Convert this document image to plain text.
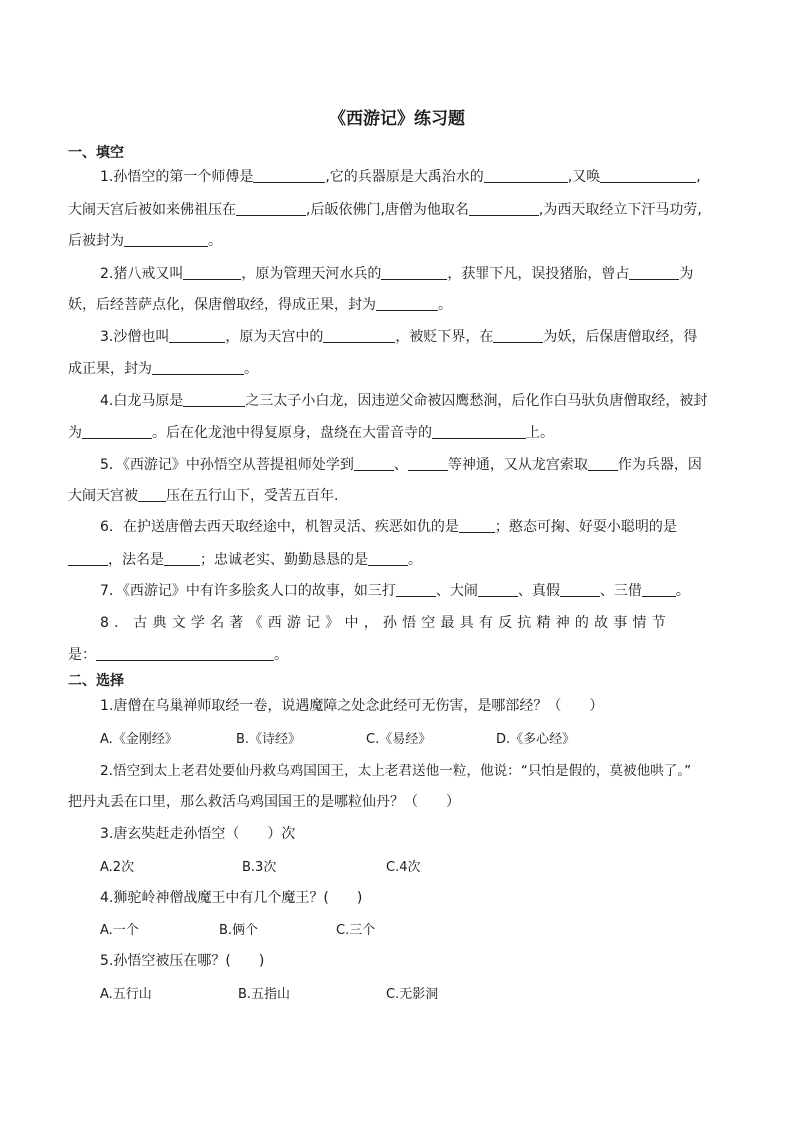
《西游记》练习题
一、填空
1.孙悟空的第一个师傅是	,它的兵器原是大禹治水的	,又唤	,
大闹天宫后被如来佛祖压在	,后皈依佛门,唐僧为他取名	,为西天取经立下汗马功劳,
后被封为	。
2.猪八戒又叫	，原为管理天河水兵的	，获罪下凡，误投猪胎，曾占	为
妖，后经菩萨点化，保唐僧取经，得成正果，封为	。
3.沙僧也叫	，原为天宫中的	，被贬下界，在	为妖，后保唐僧取经，得
成正果，封为	。
4.白龙马原是	之三太子小白龙，因违逆父命被囚鹰愁涧，后化作白马驮负唐僧取经，被封
为	。后在化龙池中得复原身，盘绕在大雷音寺的	上。
5．《西游记》中孙悟空从菩提祖师处学到	、	等神通，又从龙宫索取 作为兵器，因
大闹天宫被 压在五行山下，受苦五百年.
6．在护送唐僧去西天取经途中，机智灵活、疾恶如仇的是	；憨态可掬、好耍小聪明的是
，法名是	；忠诚老实、勤勤恳恳的是	。
7．《西游记》中有许多脍炙人口的故事，如三打	、大闹	、真假	、三借 。
8．古典文学名著《西游记》中，孙悟空最具有反抗精神的故事情节
是：	。
二、选择
1.唐僧在乌巢禅师取经一卷，说遇魔障之处念此经可无伤害，是哪部经？（　　）
A.《金刚经》	B.《诗经》	C.《易经》	D.《多心经》
2.悟空到太上老君处要仙丹救乌鸡国国王，太上老君送他一粒，他说：“只怕是假的，莫被他哄了。”
把丹丸丢在口里，那么救活乌鸡国国王的是哪粒仙丹？（　　）
3.唐玄奘赶走孙悟空（　　）次
A.2次	B.3次	C.4次
4.狮驼岭神僧战魔王中有几个魔王？(　　)
A.一个	B.俩个	C.三个
5.孙悟空被压在哪？(　　)
A.五行山	B.五指山	C.无影洞
